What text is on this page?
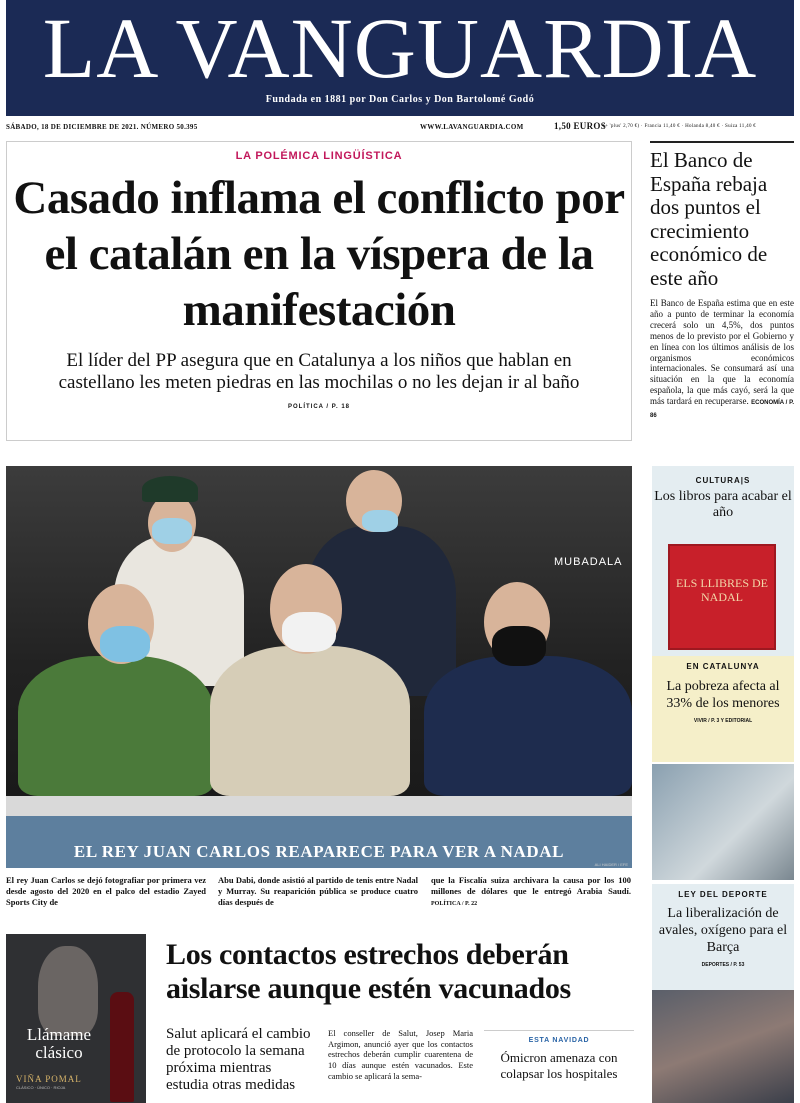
LA VANGUARDIA
Fundada en 1881 por Don Carlos y Don Bartolomé Godó
SÁBADO, 18 DE DICIEMBRE DE 2021. NÚMERO 50.395	WWW.LAVANGUARDIA.COM	1,50 EUROS
(+ 'plus' 2,70 €) · Francia 11,40 € · Holanda 8,40 € · Suiza 11,40 €
LA POLÉMICA LINGÜÍSTICA
Casado inflama el conflicto por el catalán en la víspera de la manifestación
El líder del PP asegura que en Catalunya a los niños que hablan en castellano les meten piedras en las mochilas o no les dejan ir al baño
POLÍTICA / P. 18
El Banco de España rebaja dos puntos el crecimiento económico de este año

El Banco de España estima que en este año a punto de terminar la economía crecerá solo un 4,5%, dos puntos menos de lo previsto por el Gobierno y en línea con los últimos análisis de los organismos económicos internacionales. Se consumará así una situación en la que la economía española, la que más cayó, será la que más tardará en recuperarse. ECONOMÍA / P. 86

MUBADALA
EL REY JUAN CARLOS REAPARECE PARA VER A NADAL
ALI HAIDER / EFE
El rey Juan Carlos se dejó fotografiar por primera vez desde agosto del 2020 en el palco del estadio Zayed Sports City de
Abu Dabi, donde asistió al partido de tenis entre Nadal y Murray. Su reaparición pública se produce cuatro días después de
que la Fiscalía suiza archivara la causa por los 100 millones de dólares que le entregó Arabia Saudí. POLÍTICA / P. 22
CULTURA|S
Los libros para acabar el año
ELS LLIBRES DE NADAL
EN CATALUNYA
La pobreza afecta al 33% de los menores
VIVIR / P. 3 Y EDITORIAL
LEY DEL DEPORTE
La liberalización de avales, oxígeno para el Barça
DEPORTES / P. 53
Llámame clásico
VIÑA POMAL
CLÁSICO · ÚNICO · RIOJA
Los contactos estrechos deberán aislarse aunque estén vacunados
Salut aplicará el cambio de protocolo la semana próxima mientras estudia otras medidas
El conseller de Salut, Josep Maria Argimon, anunció ayer que los contactos estrechos deberán cumplir cuarentena de 10 días aunque estén vacunados. Este cambio se aplicará la sema-
ESTA NAVIDAD
Ómicron amenaza con colapsar los hospitales
